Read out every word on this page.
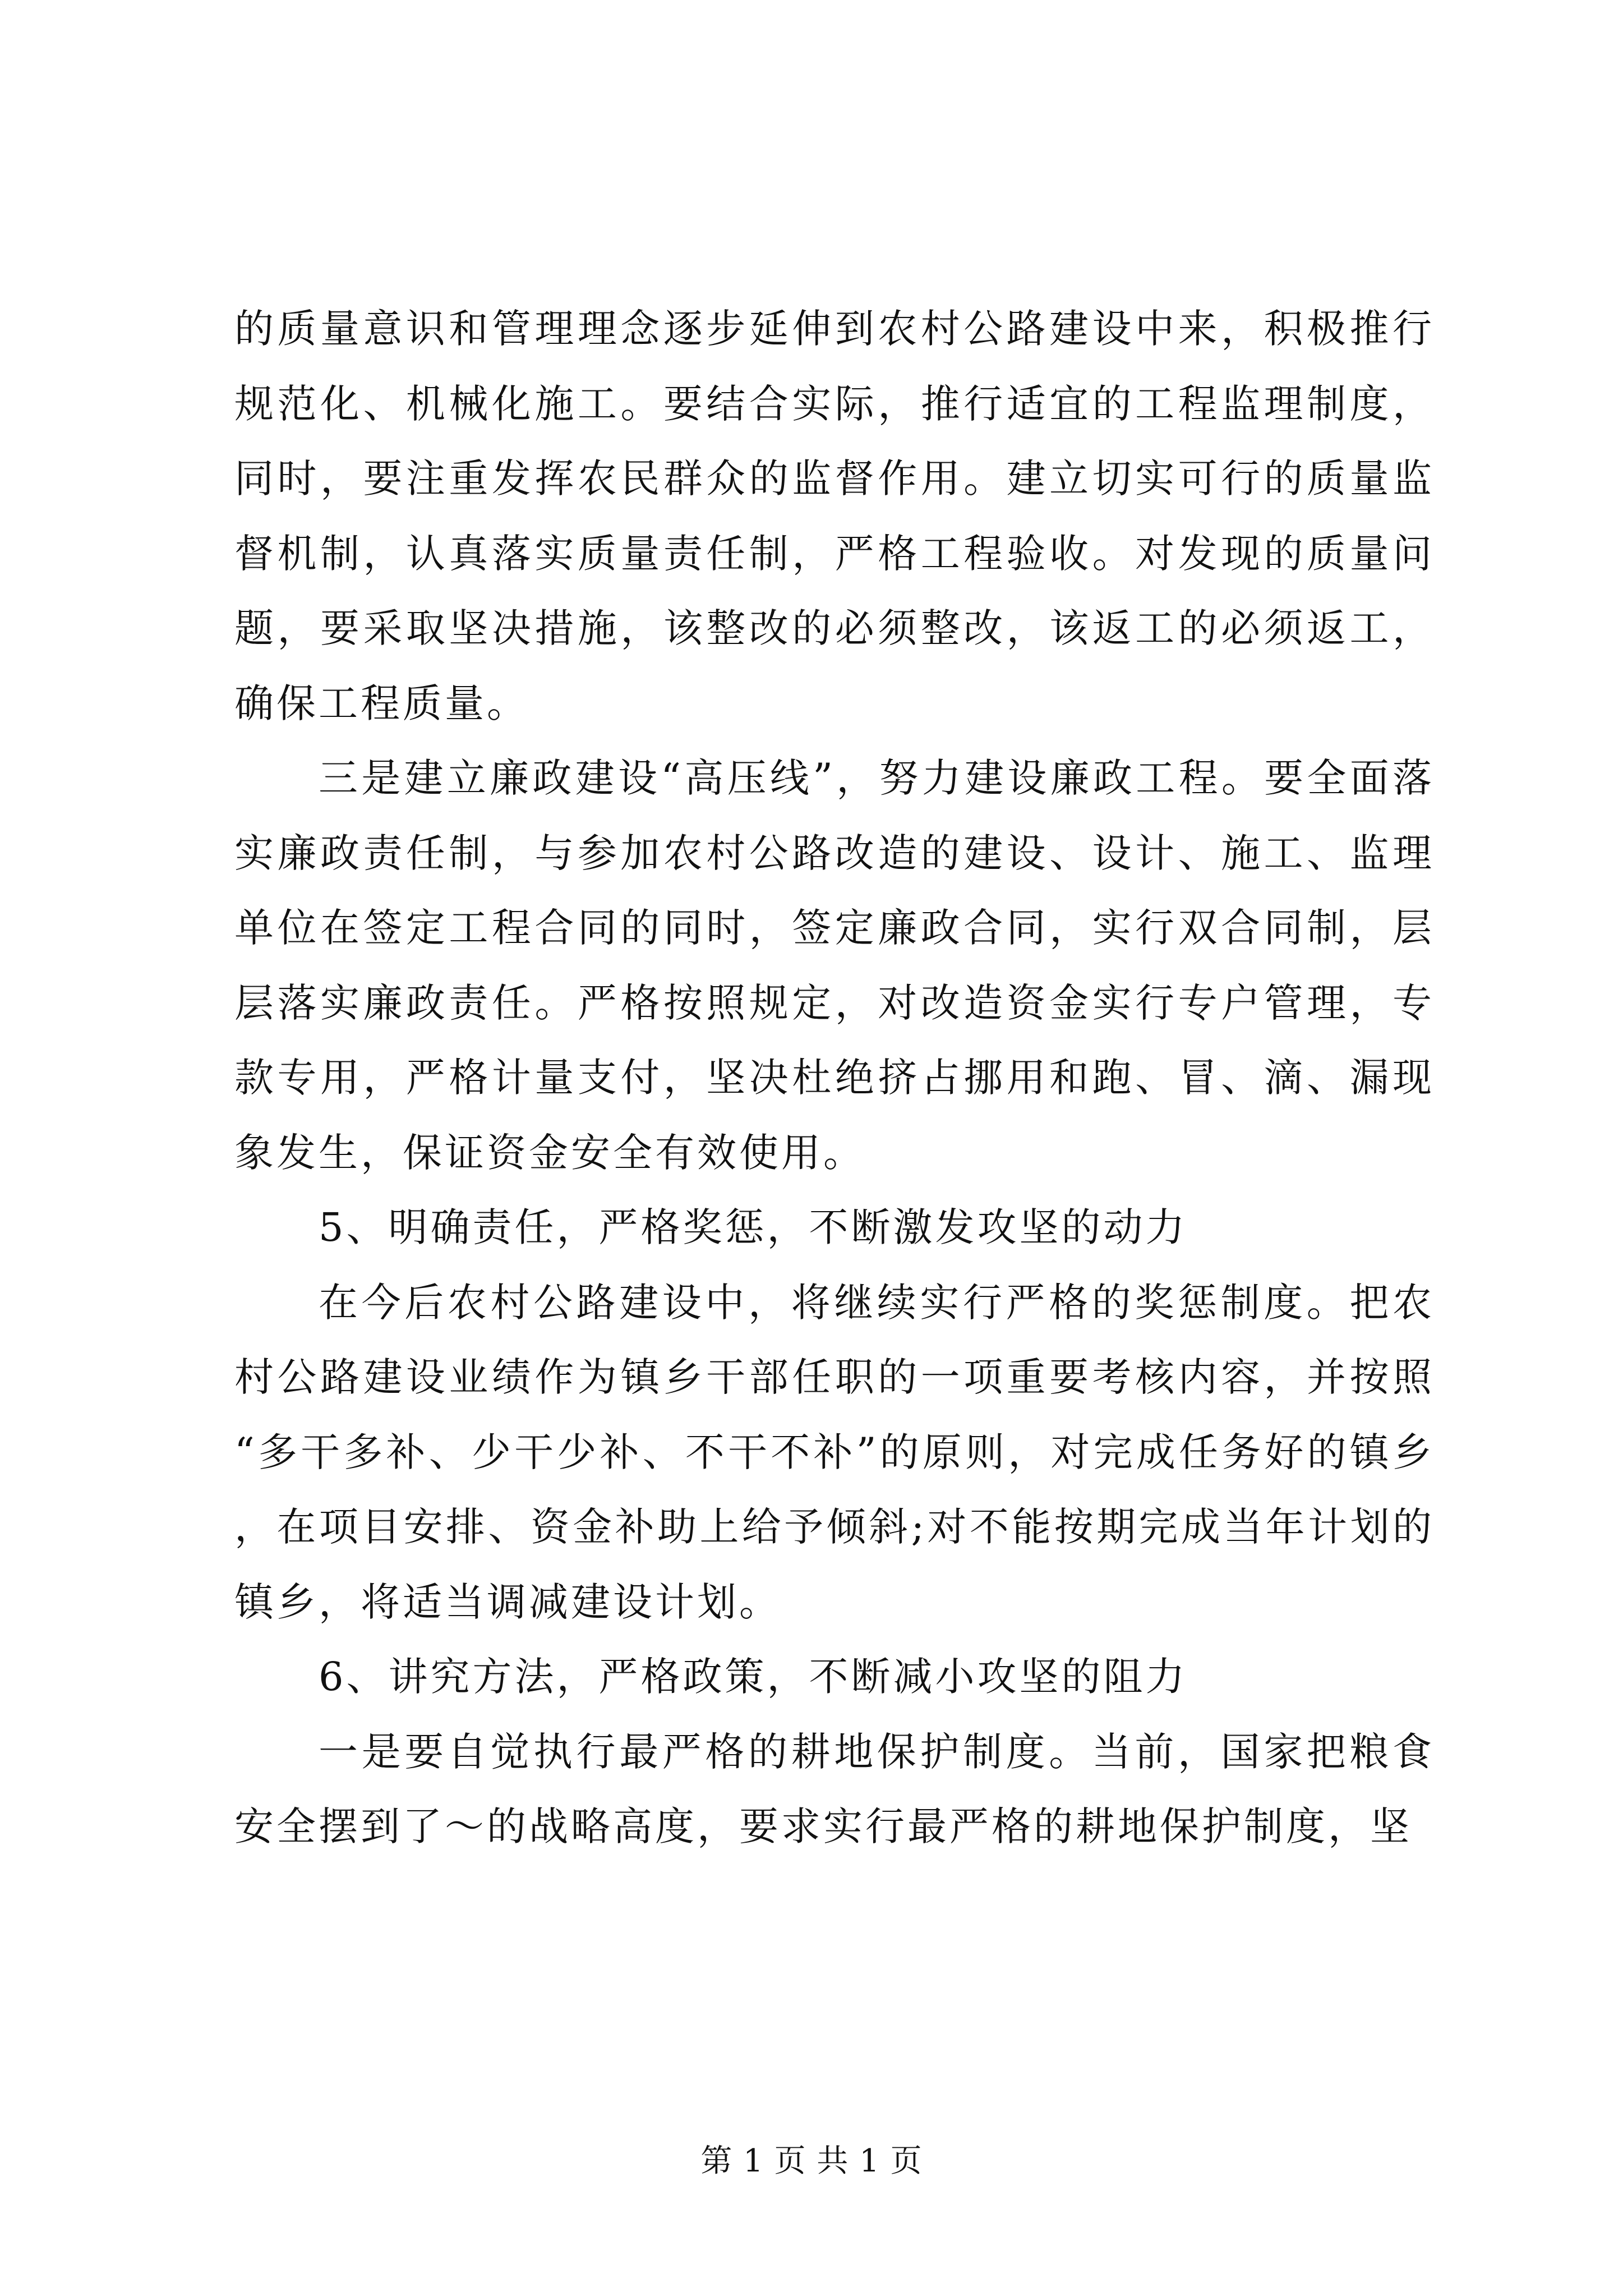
的质量意识和管理理念逐步延伸到农村公路建设中来，积极推行规范化、机械化施工。要结合实际，推行适宜的工程监理制度，同时，要注重发挥农民群众的监督作用。建立切实可行的质量监督机制，认真落实质量责任制，严格工程验收。对发现的质量问题，要采取坚决措施，该整改的必须整改，该返工的必须返工，确保工程质量。

三是建立廉政建设“高压线”，努力建设廉政工程。要全面落实廉政责任制，与参加农村公路改造的建设、设计、施工、监理单位在签定工程合同的同时，签定廉政合同，实行双合同制，层层落实廉政责任。严格按照规定，对改造资金实行专户管理，专款专用，严格计量支付，坚决杜绝挤占挪用和跑、冒、滴、漏现象发生，保证资金安全有效使用。

5、明确责任，严格奖惩，不断激发攻坚的动力

在今后农村公路建设中，将继续实行严格的奖惩制度。把农村公路建设业绩作为镇乡干部任职的一项重要考核内容，并按照“多干多补、少干少补、不干不补”的原则，对完成任务好的镇乡，在项目安排、资金补助上给予倾斜;对不能按期完成当年计划的镇乡，将适当调减建设计划。

6、讲究方法，严格政策，不断减小攻坚的阻力

一是要自觉执行最严格的耕地保护制度。当前，国家把粮食安全摆到了～的战略高度，要求实行最严格的耕地保护制度，坚

第 1 页 共 1 页
